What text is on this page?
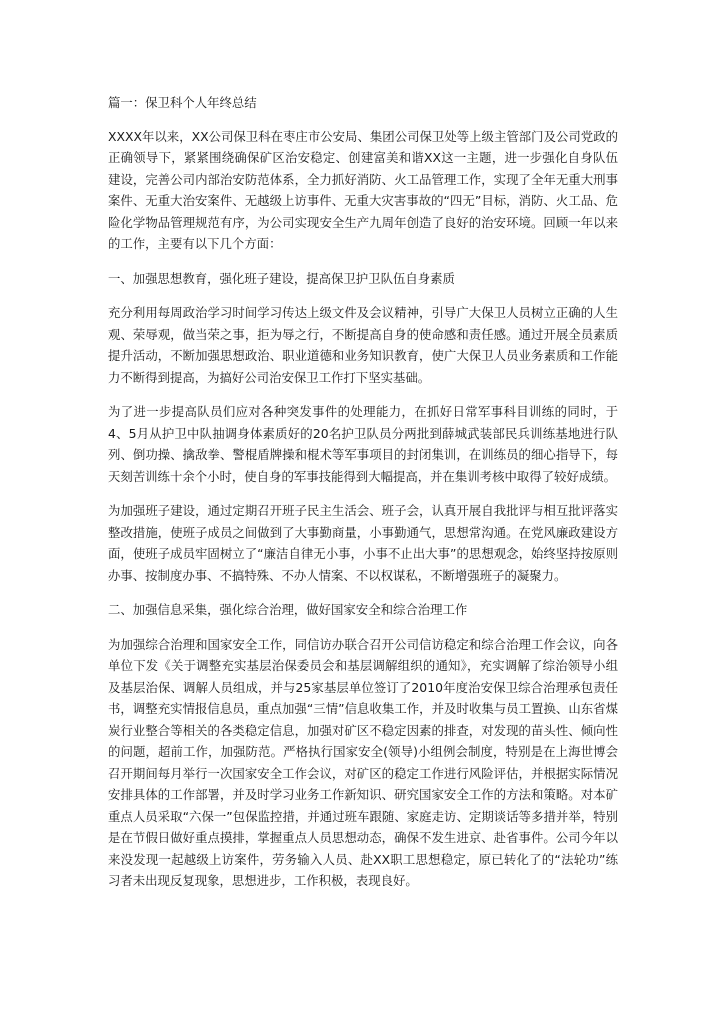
篇一：保卫科个人年终总结

XXXX年以来，XX公司保卫科在枣庄市公安局、集团公司保卫处等上级主管部门及公司党政的正确领导下，紧紧围绕确保矿区治安稳定、创建富美和谐XX这一主题，进一步强化自身队伍建设，完善公司内部治安防范体系，全力抓好消防、火工品管理工作，实现了全年无重大刑事案件、无重大治安案件、无越级上访事件、无重大灾害事故的“四无”目标，消防、火工品、危险化学物品管理规范有序，为公司实现安全生产九周年创造了良好的治安环境。回顾一年以来的工作，主要有以下几个方面：

一、加强思想教育，强化班子建设，提高保卫护卫队伍自身素质

充分利用每周政治学习时间学习传达上级文件及会议精神，引导广大保卫人员树立正确的人生观、荣辱观，做当荣之事，拒为辱之行，不断提高自身的使命感和责任感。通过开展全员素质提升活动，不断加强思想政治、职业道德和业务知识教育，使广大保卫人员业务素质和工作能力不断得到提高，为搞好公司治安保卫工作打下坚实基础。

为了进一步提高队员们应对各种突发事件的处理能力，在抓好日常军事科目训练的同时，于4、5月从护卫中队抽调身体素质好的20名护卫队员分两批到薛城武装部民兵训练基地进行队列、倒功操、擒敌拳、警棍盾牌操和棍术等军事项目的封闭集训，在训练员的细心指导下，每天刻苦训练十余个小时，使自身的军事技能得到大幅提高，并在集训考核中取得了较好成绩。

为加强班子建设，通过定期召开班子民主生活会、班子会，认真开展自我批评与相互批评落实整改措施，使班子成员之间做到了大事勤商量，小事勤通气，思想常沟通。在党风廉政建设方面，使班子成员牢固树立了“廉洁自律无小事，小事不止出大事”的思想观念，始终坚持按原则办事、按制度办事、不搞特殊、不办人情案、不以权谋私，不断增强班子的凝聚力。

二、加强信息采集，强化综合治理，做好国家安全和综合治理工作

为加强综合治理和国家安全工作，同信访办联合召开公司信访稳定和综合治理工作会议，向各单位下发《关于调整充实基层治保委员会和基层调解组织的通知》，充实调解了综治领导小组及基层治保、调解人员组成，并与25家基层单位签订了2010年度治安保卫综合治理承包责任书，调整充实情报信息员，重点加强“三情”信息收集工作，并及时收集与员工置换、山东省煤炭行业整合等相关的各类稳定信息，加强对矿区不稳定因素的排查，对发现的苗头性、倾向性的问题，超前工作，加强防范。严格执行国家安全(领导)小组例会制度，特别是在上海世博会召开期间每月举行一次国家安全工作会议，对矿区的稳定工作进行风险评估，并根据实际情况安排具体的工作部署，并及时学习业务工作新知识、研究国家安全工作的方法和策略。对本矿重点人员采取“六保一”包保监控措，并通过班车跟随、家庭走访、定期谈话等多措并举，特别是在节假日做好重点摸排，掌握重点人员思想动态，确保不发生进京、赴省事件。公司今年以来没发现一起越级上访案件，劳务输入人员、赴XX职工思想稳定，原已转化了的“法轮功”练习者未出现反复现象，思想进步，工作积极，表现良好。
